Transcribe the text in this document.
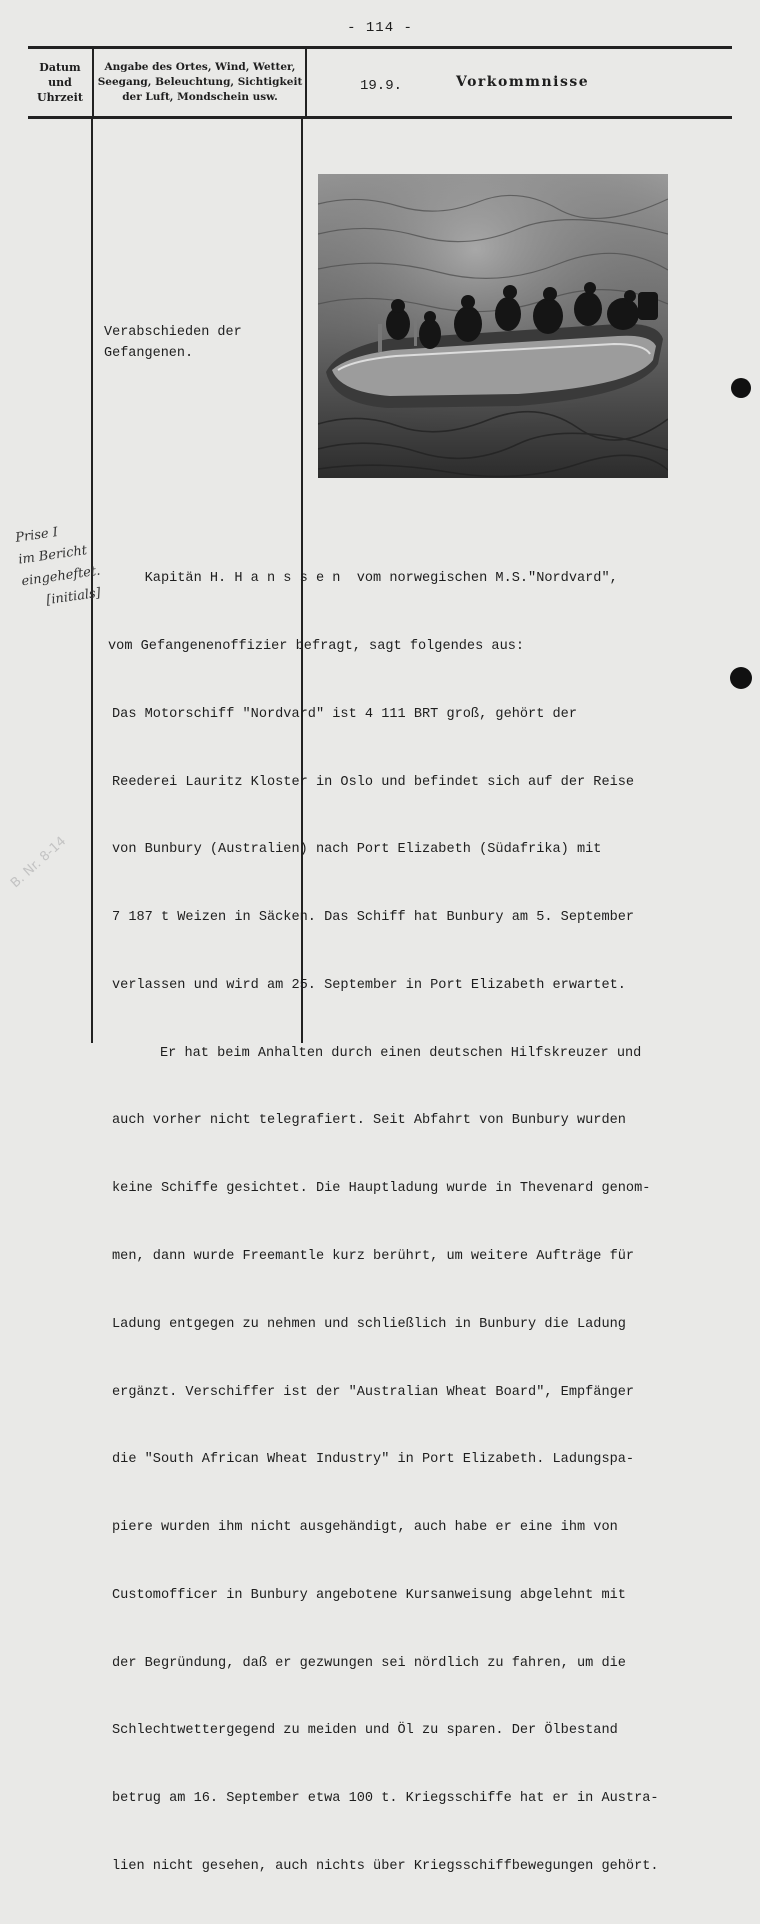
- 114 -
Datum
und
Uhrzeit
Angabe des Ortes, Wind, Wetter,
Seegang, Beleuchtung, Sichtigkeit
der Luft, Mondschein usw.
19.9.	Vorkommnisse
Verabschieden der
Gefangenen.
Prise I
im Bericht
eingeheftet.
[initials]
B. Nr. 8-14

Kapitän H. H a n s s e n  vom norwegischen M.S."Nordvard",

vom Gefangenenoffizier befragt, sagt folgendes aus:

Das Motorschiff "Nordvard" ist 4 111 BRT groß, gehört der

Reederei Lauritz Kloster in Oslo und befindet sich auf der Reise

von Bunbury (Australien) nach Port Elizabeth (Südafrika) mit

7 187 t Weizen in Säcken. Das Schiff hat Bunbury am 5. September

verlassen und wird am 25. September in Port Elizabeth erwartet.

Er hat beim Anhalten durch einen deutschen Hilfskreuzer und

auch vorher nicht telegrafiert. Seit Abfahrt von Bunbury wurden

keine Schiffe gesichtet. Die Hauptladung wurde in Thevenard genom-

men, dann wurde Freemantle kurz berührt, um weitere Aufträge für

Ladung entgegen zu nehmen und schließlich in Bunbury die Ladung

ergänzt. Verschiffer ist der "Australian Wheat Board", Empfänger

die "South African Wheat Industry" in Port Elizabeth. Ladungspa-

piere wurden ihm nicht ausgehändigt, auch habe er eine ihm von

Customofficer in Bunbury angebotene Kursanweisung abgelehnt mit

der Begründung, daß er gezwungen sei nördlich zu fahren, um die

Schlechtwettergegend zu meiden und Öl zu sparen. Der Ölbestand

betrug am 16. September etwa 100 t. Kriegsschiffe hat er in Austra-

lien nicht gesehen, auch nichts über Kriegsschiffbewegungen gehört.
